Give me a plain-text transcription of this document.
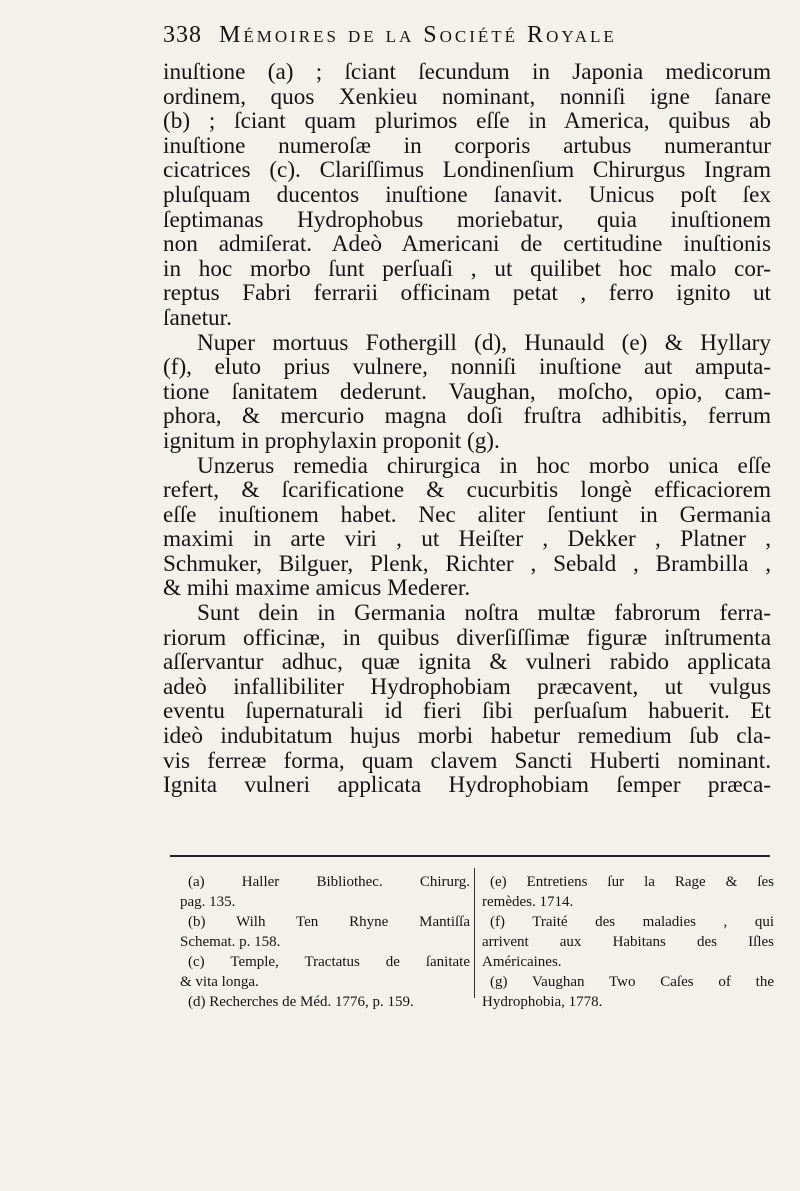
338 Mémoires de la Société Royale
inuſtione (a) ; ſciant ſecundum in Japonia medicorum
ordinem, quos Xenkieu nominant, nonniſi igne ſanare
(b) ; ſciant quam plurimos eſſe in America, quibus ab
inuſtione numeroſæ in corporis artubus numerantur
cicatrices (c). Clariſſimus Londinenſium Chirurgus Ingram
pluſquam ducentos inuſtione ſanavit. Unicus poſt ſex
ſeptimanas Hydrophobus moriebatur, quia inuſtionem
non admiſerat. Adeò Americani de certitudine inuſtionis
in hoc morbo ſunt perſuaſi , ut quilibet hoc malo cor-
reptus Fabri ferrarii officinam petat , ferro ignito ut
ſanetur.
Nuper mortuus Fothergill (d), Hunauld (e) & Hyllary
(f), eluto prius vulnere, nonniſi inuſtione aut amputa-
tione ſanitatem dederunt. Vaughan, moſcho, opio, cam-
phora, & mercurio magna doſi fruſtra adhibitis, ferrum
ignitum in prophylaxin proponit (g).
Unzerus remedia chirurgica in hoc morbo unica eſſe
refert, & ſcarificatione & cucurbitis longè efficaciorem
eſſe inuſtionem habet. Nec aliter ſentiunt in Germania
maximi in arte viri , ut Heiſter , Dekker , Platner ,
Schmuker, Bilguer, Plenk, Richter , Sebald , Brambilla ,
& mihi maxime amicus Mederer.
Sunt dein in Germania noſtra multæ fabrorum ferra-
riorum officinæ, in quibus diverſiſſimæ figuræ inſtrumenta
aſſervantur adhuc, quæ ignita & vulneri rabido applicata
adeò infallibiliter Hydrophobiam præcavent, ut vulgus
eventu ſupernaturali id fieri ſibi perſuaſum habuerit. Et
ideò indubitatum hujus morbi habetur remedium ſub cla-
vis ferreæ forma, quam clavem Sancti Huberti nominant.
Ignita vulneri applicata Hydrophobiam ſemper præca-
(a) Haller Bibliothec. Chirurg.
pag. 135.
(b) Wilh Ten Rhyne Mantiſſa
Schemat. p. 158.
(c) Temple, Tractatus de ſanitate
& vita longa.
(d) Recherches de Méd. 1776, p. 159.
(e) Entretiens ſur la Rage & ſes
remèdes. 1714.
(f) Traité des maladies , qui
arrivent aux Habitans des Iſles
Américaines.
(g) Vaughan Two Caſes of the
Hydrophobia, 1778.
